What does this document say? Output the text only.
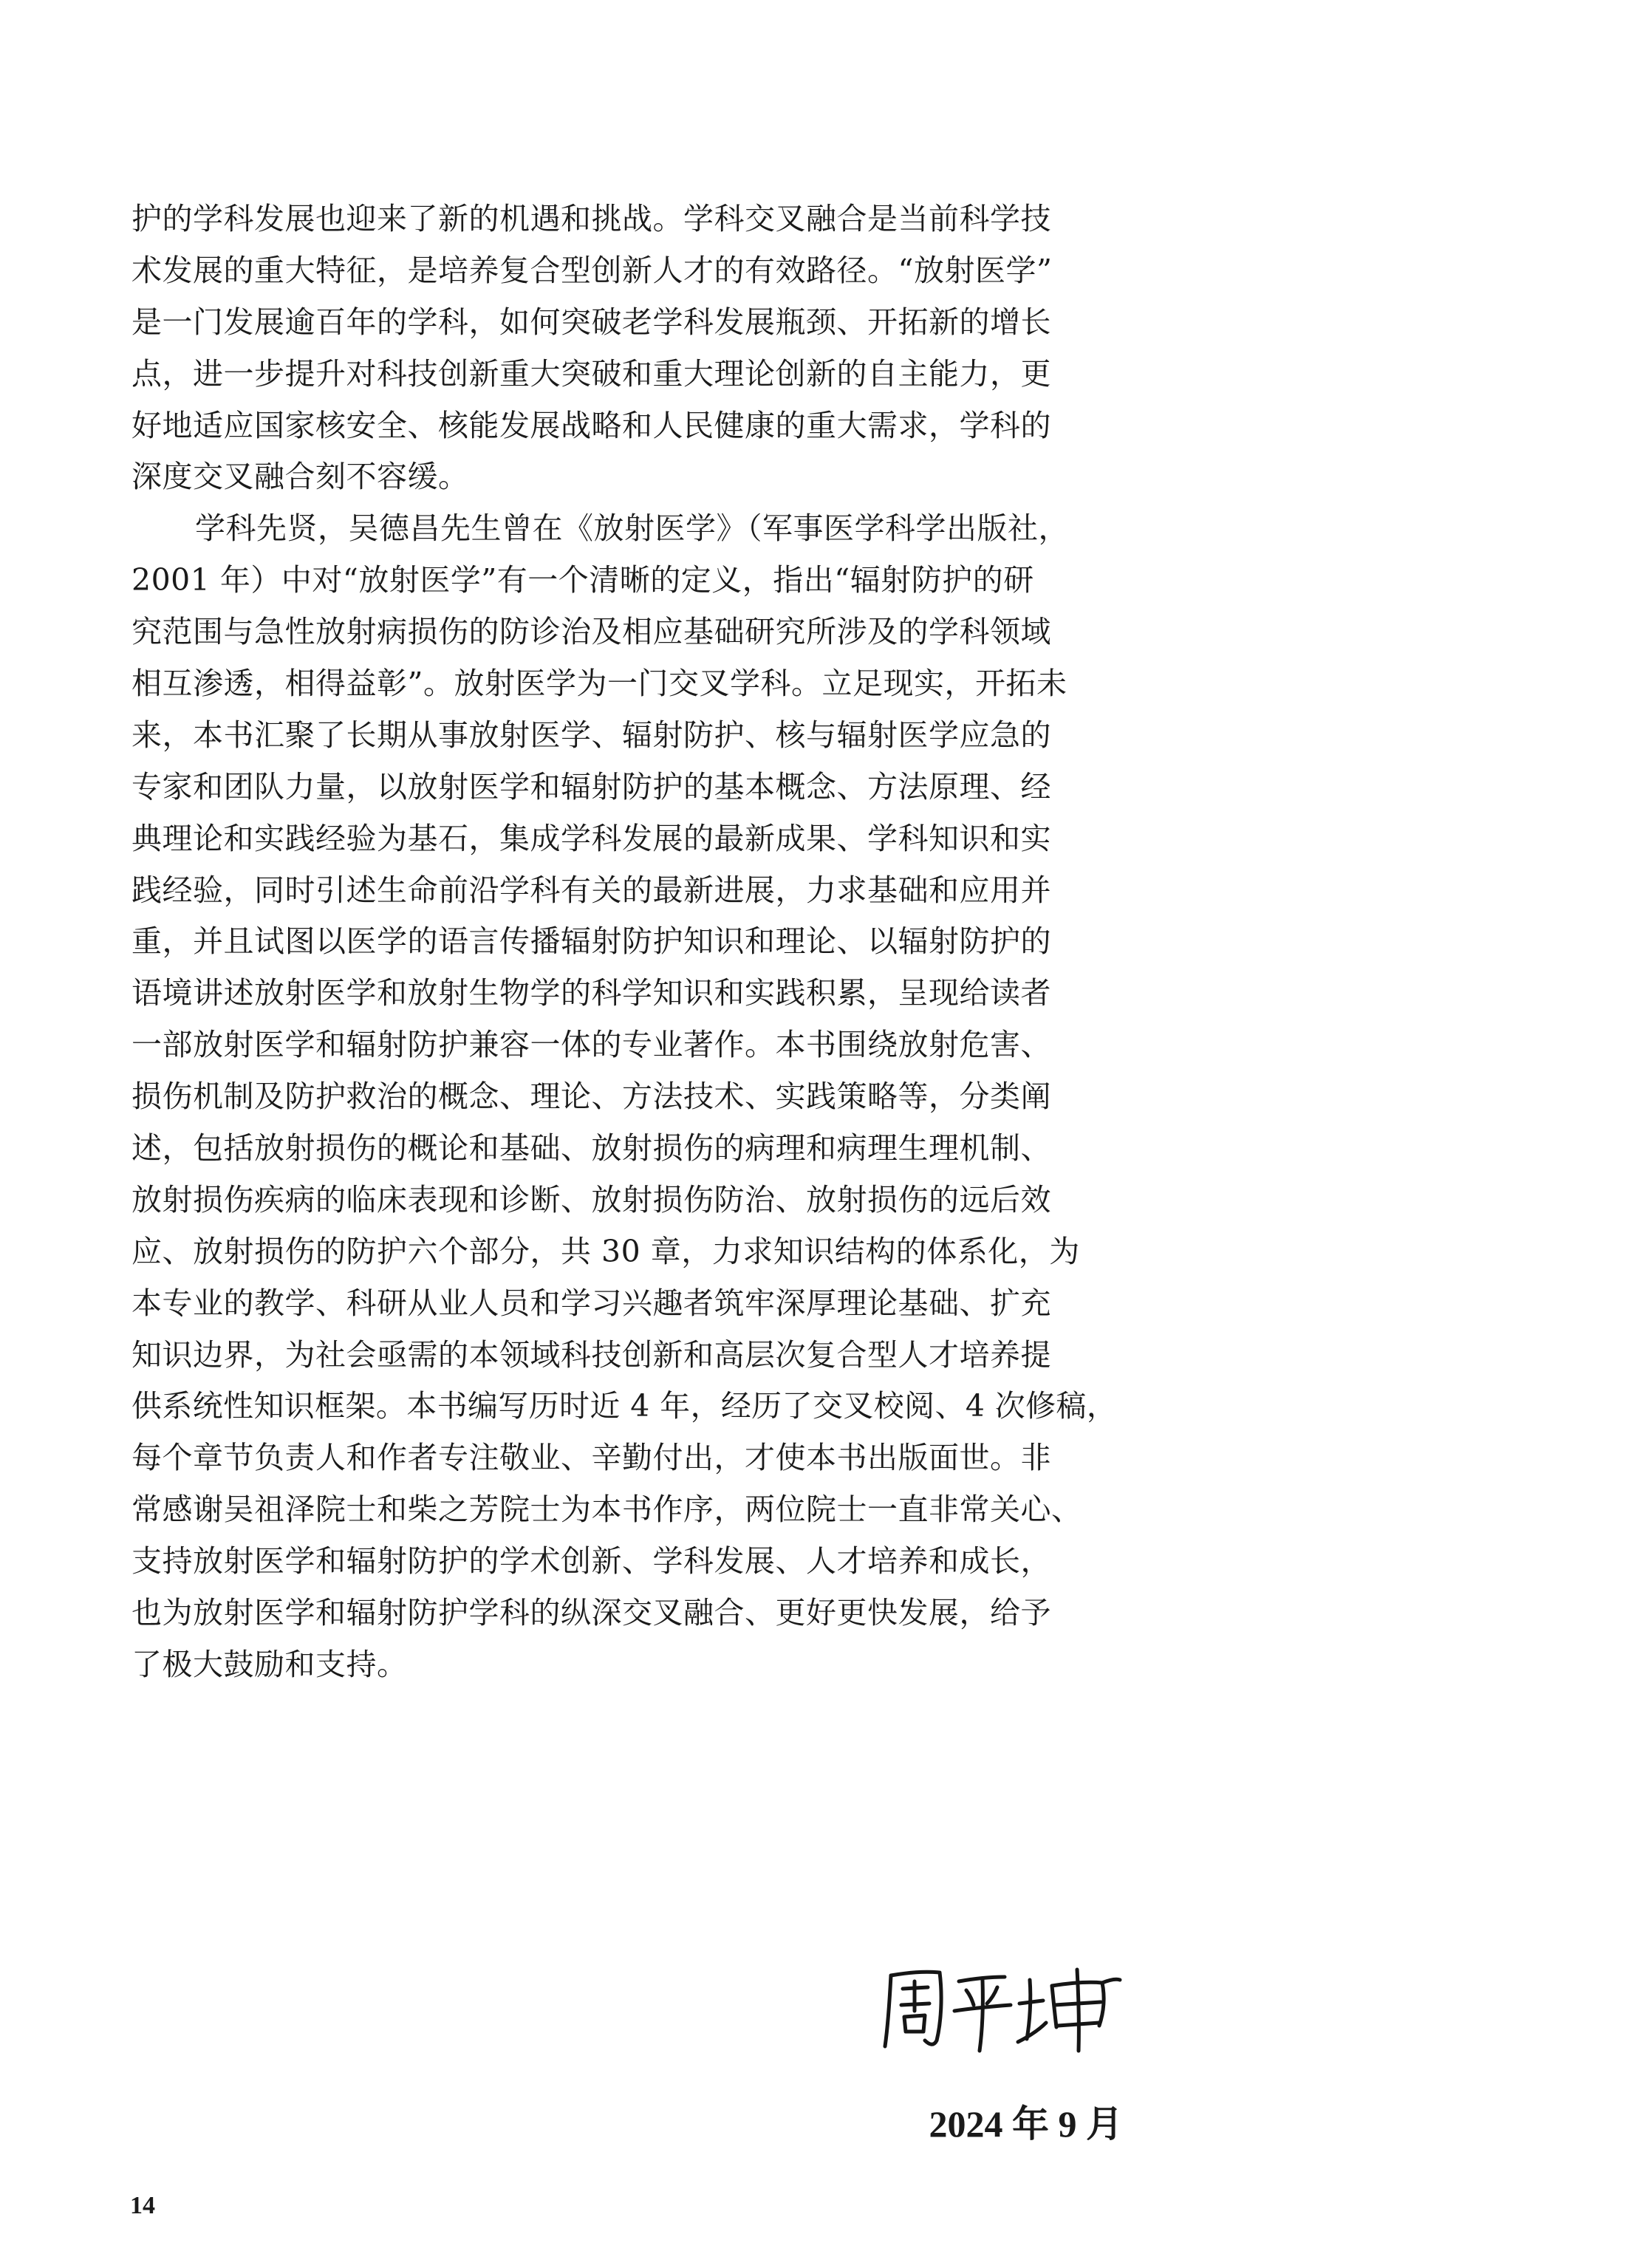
护的学科发展也迎来了新的机遇和挑战。学科交叉融合是当前科学技
术发展的重大特征，是培养复合型创新人才的有效路径。“放射医学”
是一门发展逾百年的学科，如何突破老学科发展瓶颈、开拓新的增长
点，进一步提升对科技创新重大突破和重大理论创新的自主能力，更
好地适应国家核安全、核能发展战略和人民健康的重大需求，学科的
深度交叉融合刻不容缓。
学科先贤，吴德昌先生曾在《放射医学》（军事医学科学出版社，
2001 年）中对“放射医学”有一个清晰的定义，指出“辐射防护的研
究范围与急性放射病损伤的防诊治及相应基础研究所涉及的学科领域
相互渗透，相得益彰”。放射医学为一门交叉学科。立足现实，开拓未
来，本书汇聚了长期从事放射医学、辐射防护、核与辐射医学应急的
专家和团队力量，以放射医学和辐射防护的基本概念、方法原理、经
典理论和实践经验为基石，集成学科发展的最新成果、学科知识和实
践经验，同时引述生命前沿学科有关的最新进展，力求基础和应用并
重，并且试图以医学的语言传播辐射防护知识和理论、以辐射防护的
语境讲述放射医学和放射生物学的科学知识和实践积累，呈现给读者
一部放射医学和辐射防护兼容一体的专业著作。本书围绕放射危害、
损伤机制及防护救治的概念、理论、方法技术、实践策略等，分类阐
述，包括放射损伤的概论和基础、放射损伤的病理和病理生理机制、
放射损伤疾病的临床表现和诊断、放射损伤防治、放射损伤的远后效
应、放射损伤的防护六个部分，共 30 章，力求知识结构的体系化，为
本专业的教学、科研从业人员和学习兴趣者筑牢深厚理论基础、扩充
知识边界，为社会亟需的本领域科技创新和高层次复合型人才培养提
供系统性知识框架。本书编写历时近 4 年，经历了交叉校阅、4 次修稿，
每个章节负责人和作者专注敬业、辛勤付出，才使本书出版面世。非
常感谢吴祖泽院士和柴之芳院士为本书作序，两位院士一直非常关心、
支持放射医学和辐射防护的学术创新、学科发展、人才培养和成长，
也为放射医学和辐射防护学科的纵深交叉融合、更好更快发展，给予
了极大鼓励和支持。
2024 年 9 月
14
